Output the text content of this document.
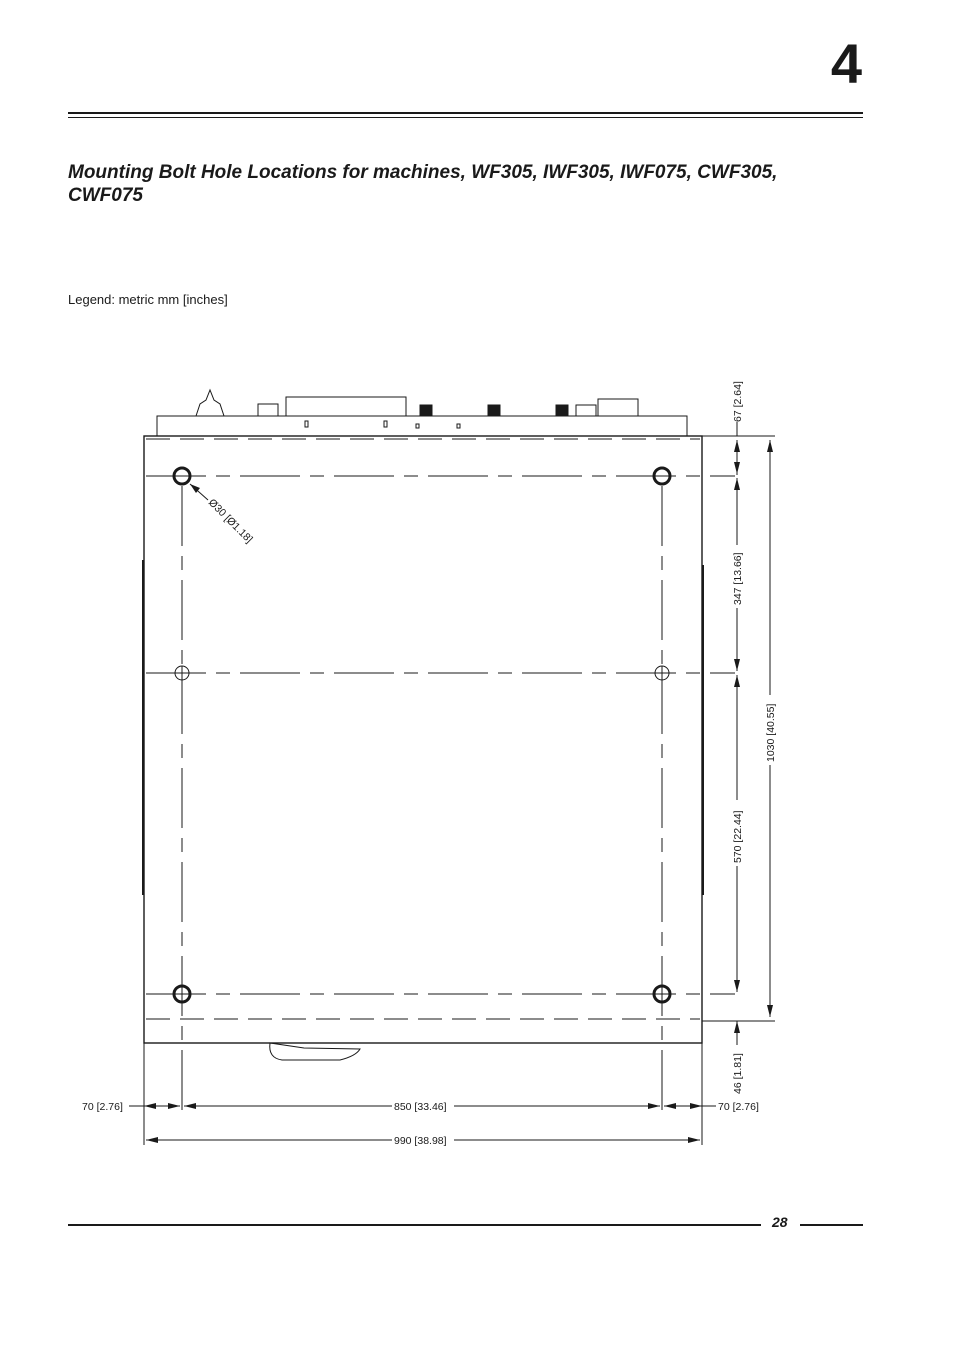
4
Mounting Bolt Hole Locations for machines, WF305, IWF305, IWF075, CWF305, CWF075
Legend: metric mm [inches]
Ø30 [Ø1.18]
67 [2.64]
347 [13.66]
570 [22.44]
1030 [40.55]
46 [1.81]
70 [2.76]	850 [33.46]	70 [2.76]
990 [38.98]
28
